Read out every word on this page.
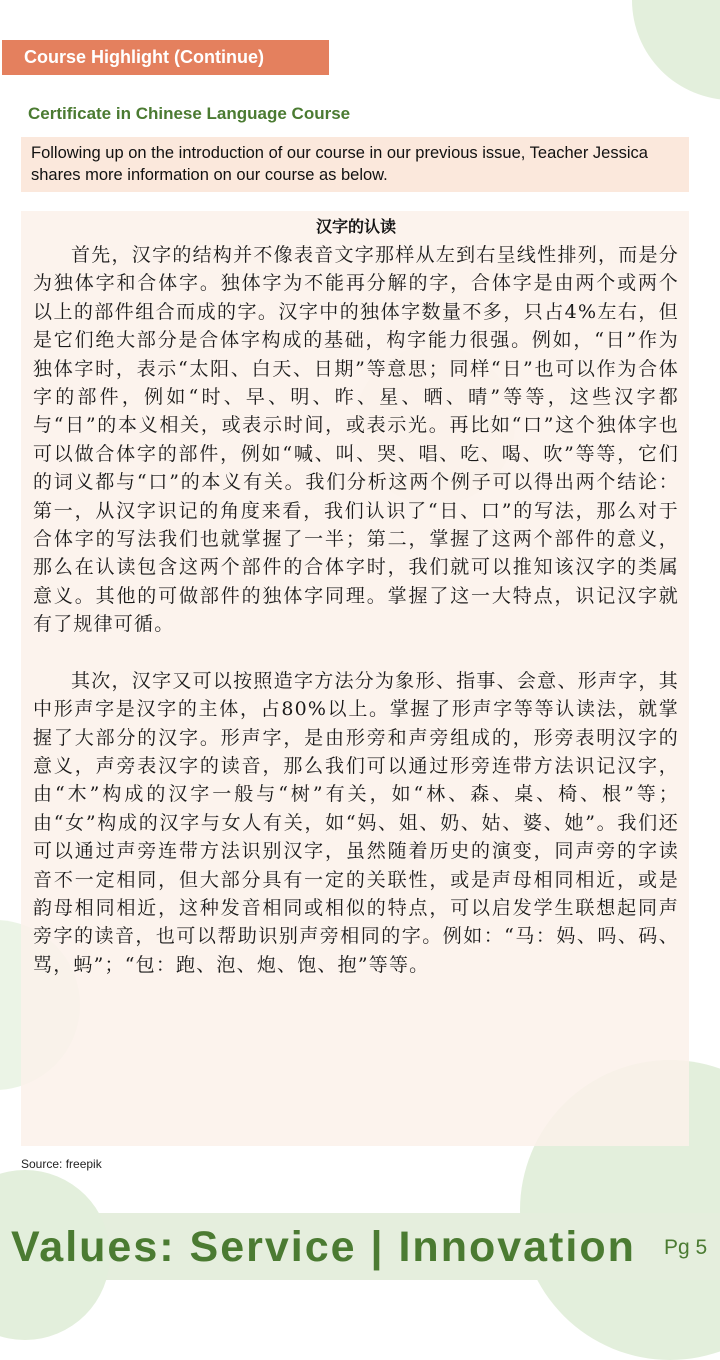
Course Highlight (Continue)
Certificate in Chinese Language Course
Following up on the introduction of our course in our previous issue, Teacher Jessica shares more information on our course as below.
汉字的认读

首先，汉字的结构并不像表音文字那样从左到右呈线性排列，而是分为独体字和合体字。独体字为不能再分解的字，合体字是由两个或两个以上的部件组合而成的字。汉字中的独体字数量不多，只占4%左右，但是它们绝大部分是合体字构成的基础，构字能力很强。例如，“日”作为独体字时，表示“太阳、白天、日期”等意思；同样“日”也可以作为合体字的部件，例如“时、早、明、昨、星、晒、晴”等等，这些汉字都与“日”的本义相关，或表示时间，或表示光。再比如“口”这个独体字也可以做合体字的部件，例如“喊、叫、哭、唱、吃、喝、吹”等等，它们的词义都与“口”的本义有关。我们分析这两个例子可以得出两个结论：第一，从汉字识记的角度来看，我们认识了“日、口”的写法，那么对于合体字的写法我们也就掌握了一半；第二，掌握了这两个部件的意义，那么在认读包含这两个部件的合体字时，我们就可以推知该汉字的类属意义。其他的可做部件的独体字同理。掌握了这一大特点，识记汉字就有了规律可循。

其次，汉字又可以按照造字方法分为象形、指事、会意、形声字，其中形声字是汉字的主体，占80%以上。掌握了形声字等等认读法，就掌握了大部分的汉字。形声字，是由形旁和声旁组成的，形旁表明汉字的意义，声旁表汉字的读音，那么我们可以通过形旁连带方法识记汉字，由“木”构成的汉字一般与“树”有关，如“林、森、桌、椅、根”等；由“女”构成的汉字与女人有关，如“妈、姐、奶、姑、婆、她”。我们还可以通过声旁连带方法识别汉字，虽然随着历史的演变，同声旁的字读音不一定相同，但大部分具有一定的关联性，或是声母相同相近，或是韵母相同相近，这种发音相同或相似的特点，可以启发学生联想起同声旁字的读音，也可以帮助识别声旁相同的字。例如：“马：妈、吗、码、骂，蚂”；“包：跑、泡、炮、饱、抱”等等。

Source: freepik
Values: Service | Innovation Pg 5
